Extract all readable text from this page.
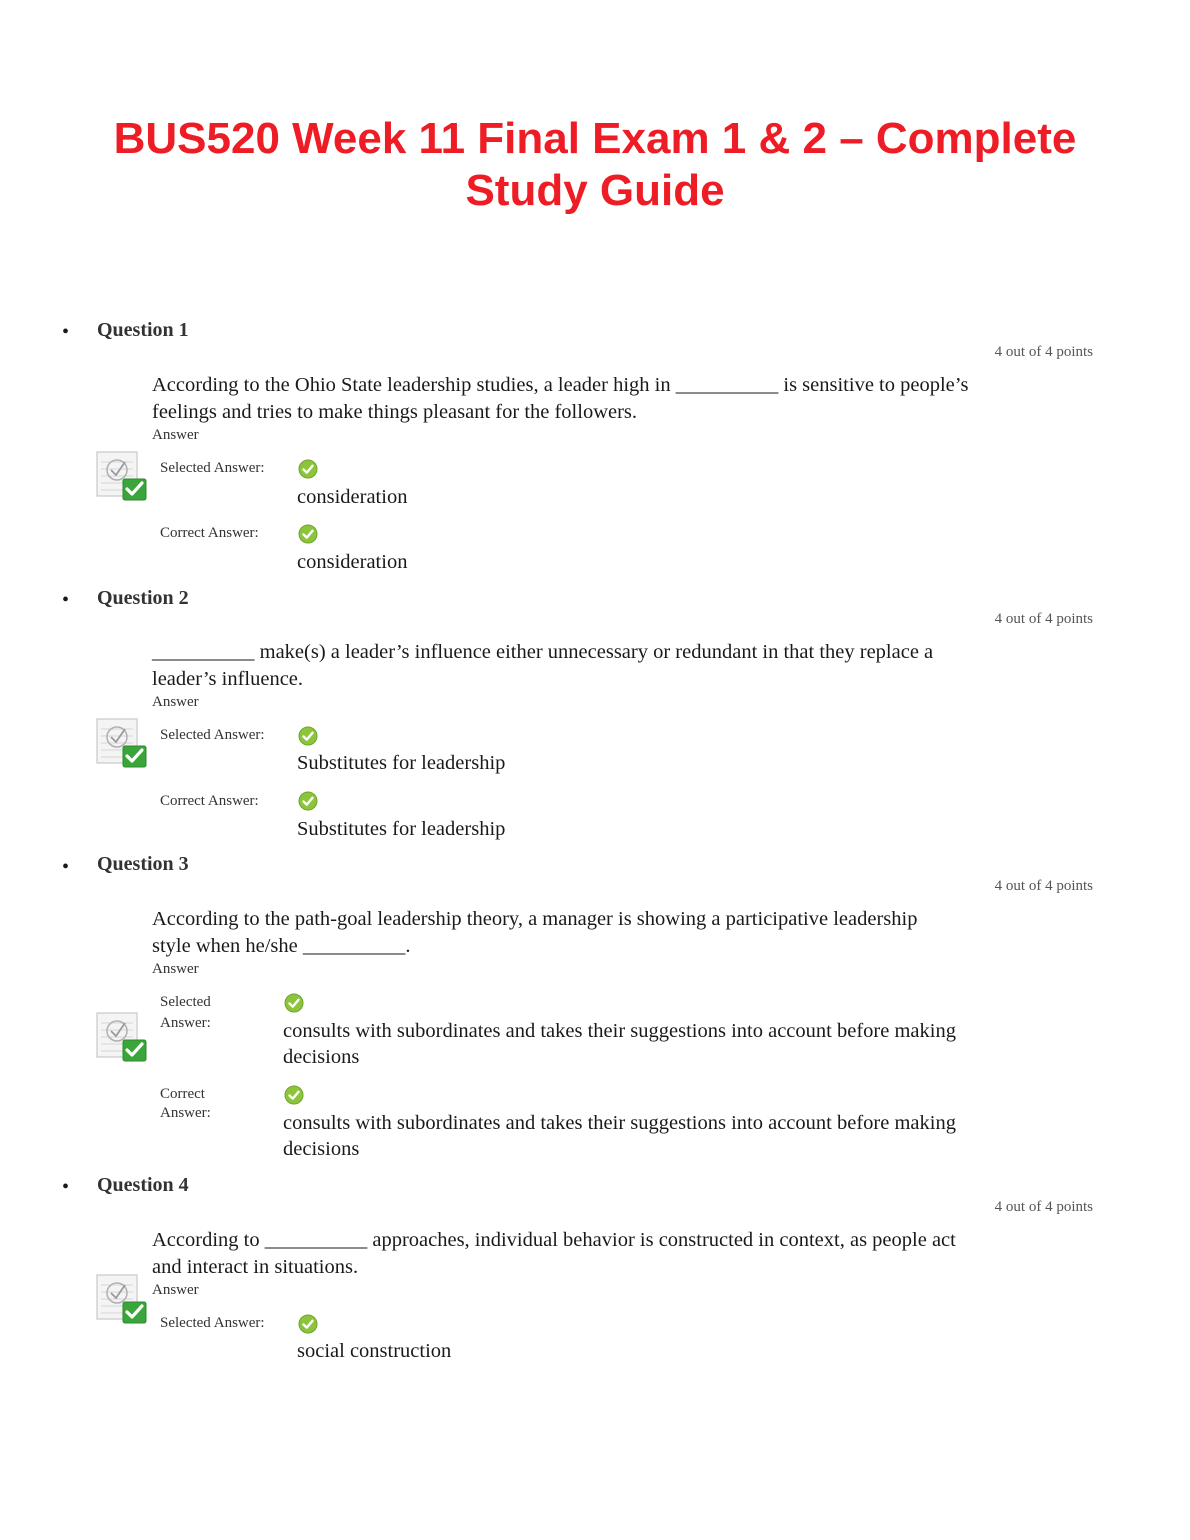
BUS520 Week 11 Final Exam 1 & 2 – Complete
Study Guide
• Question 1
4 out of 4 points
According to the Ohio State leadership studies, a leader high in __________ is sensitive to people’s feelings and tries to make things pleasant for the followers.
Answer
Selected Answer:
consideration
Correct Answer:
consideration
• Question 2
4 out of 4 points
__________ make(s) a leader’s influence either unnecessary or redundant in that they replace a leader’s influence.
Answer
Selected Answer:
Substitutes for leadership
Correct Answer:
Substitutes for leadership
• Question 3
4 out of 4 points
According to the path-goal leadership theory, a manager is showing a participative leadership style when he/she __________.
Answer
Selected
Answer:	consults with subordinates and takes their suggestions into account before making decisions
Correct
Answer:	consults with subordinates and takes their suggestions into account before making decisions
• Question 4
4 out of 4 points
According to __________ approaches, individual behavior is constructed in context, as people act and interact in situations.
Answer
Selected Answer:
social construction
